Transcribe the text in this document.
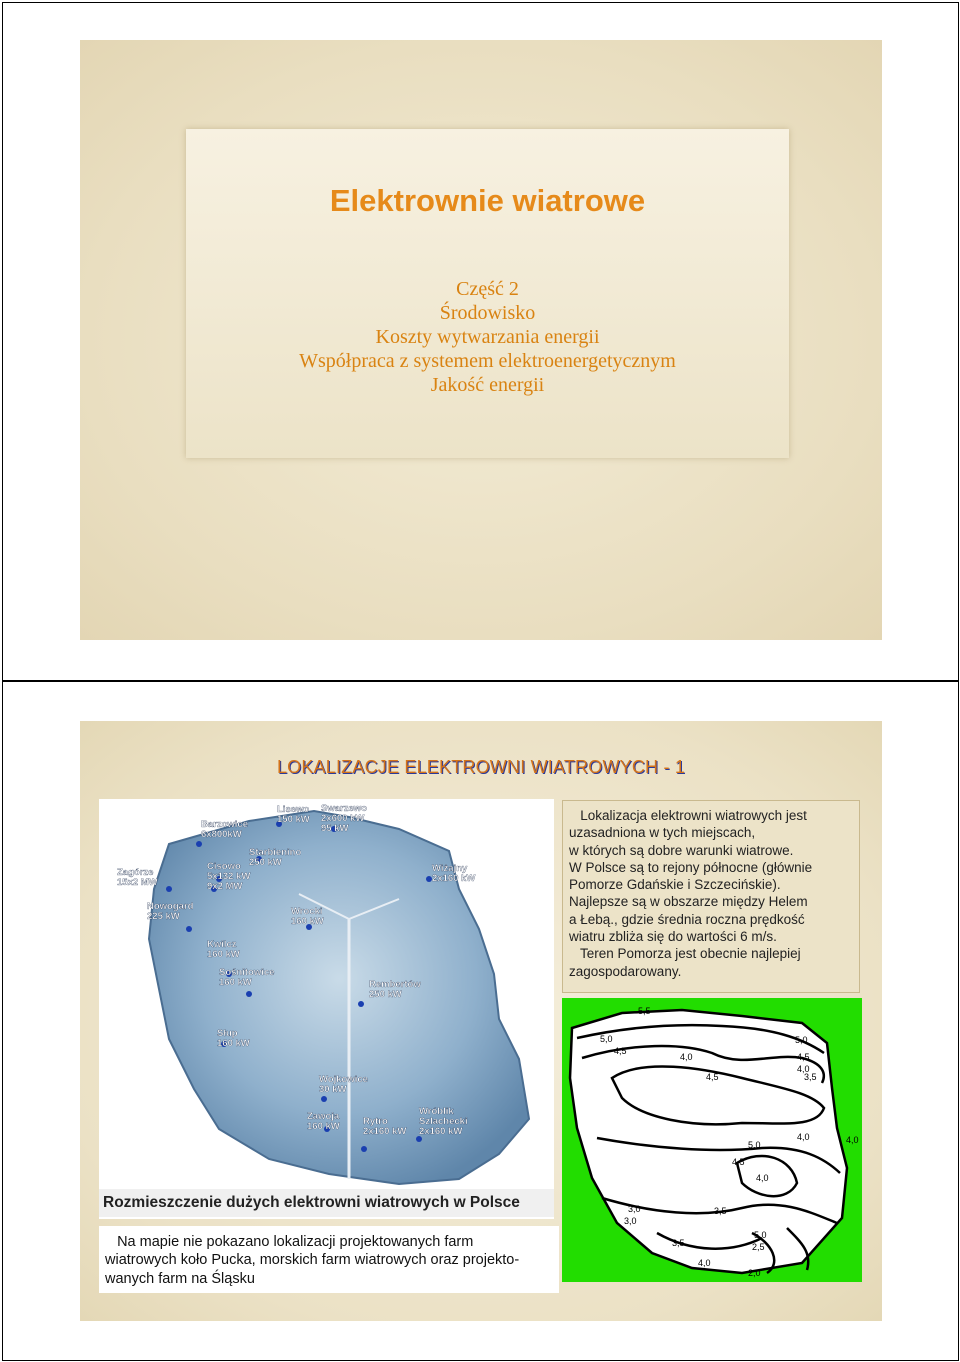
Elektrownie wiatrowe
Część 2
Środowisko
Koszty wytwarzania energii
Współpraca z systemem elektroenergetycznym
Jakość energii
LOKALIZACJE ELEKTROWNI WIATROWYCH - 1
Lisewo
150 kW
Swarzewo
2x600 kW
95 kW
Barzowice
6x800kW
Starbienino
250 kW
Zagórze
15x2 MW
Cisowo
5x132 kW
9x2 MW
Wiżajny
2x160 kW
Nowogard
225 kW	Wrocki
160 kW
Kwilcz
160 kW
Sośnitowice
160 kW	Rembertów
250 kW
Słup
160 kW
Wojkowice
30 kW
Zawoja
160 kW Rytro
2x160 kW
Wróblik
Szlachecki
2x160 kW
Rozmieszczenie dużych elektrowni wiatrowych w Polsce
Lokalizacja elektrowni wiatrowych jest
uzasadniona w tych miejscach,
w których są dobre warunki wiatrowe.
W Polsce są to rejony północne (głównie
Pomorze Gdańskie i Szczecińskie).
Najlepsze są w obszarze między Helem
a Łebą., gdzie średnia roczna prędkość
wiatru zbliża się do wartości 6 m/s.
Teren Pomorza jest obecnie najlepiej
zagospodarowany.
5,5
5,0
4,5
4,0
5,0
4,5
3,5
4,5
4,0
4,0
5,0
4,5
4,0
3,0	3,5
3,0
5,0
2,5
3,5
4,0
2,0
4,0
Na mapie nie pokazano lokalizacji projektowanych farm
wiatrowych koło Pucka, morskich farm wiatrowych oraz projekto-
wanych farm na Śląsku
